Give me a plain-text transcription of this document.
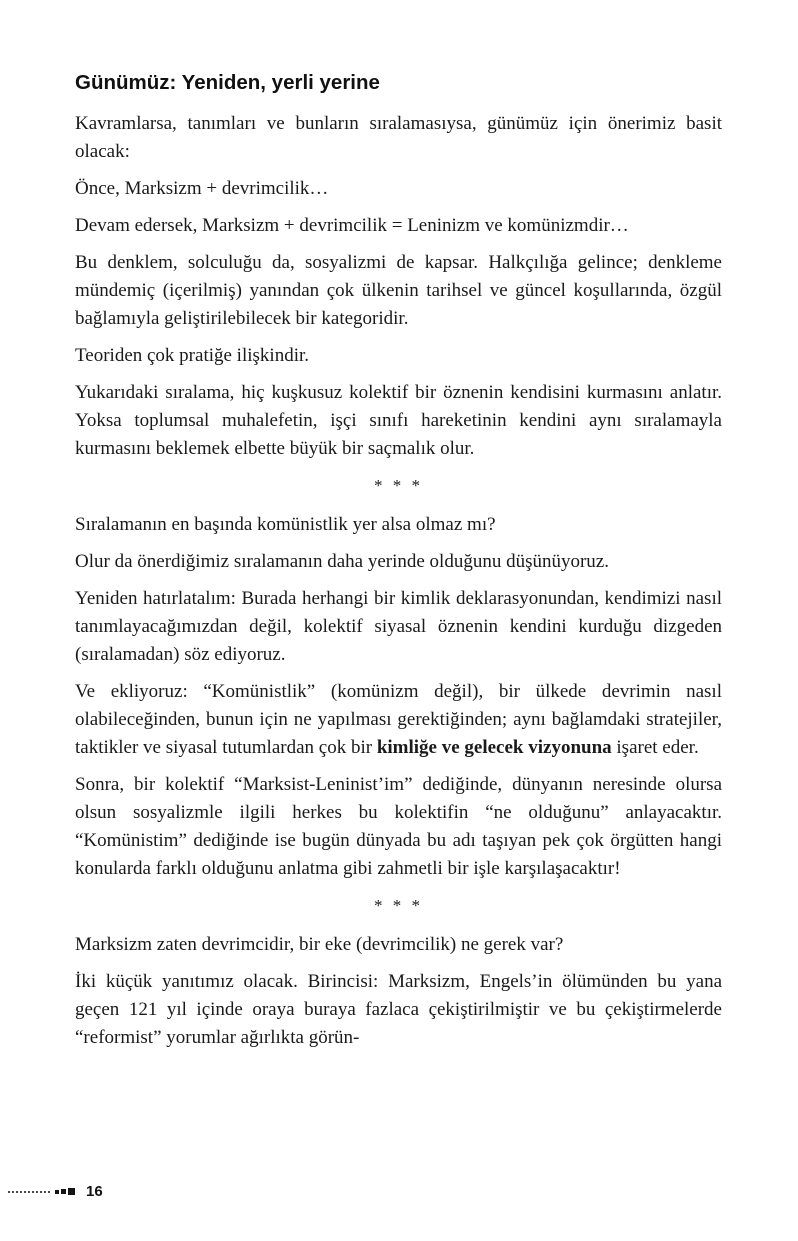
Günümüz: Yeniden, yerli yerine

Kavramlarsa, tanımları ve bunların sıralamasıysa, günümüz için önerimiz basit olacak:

Önce, Marksizm + devrimcilik…

Devam edersek, Marksizm + devrimcilik = Leninizm ve komünizmdir…

Bu denklem, solculuğu da, sosyalizmi de kapsar. Halkçılığa gelince; denkleme mündemiç (içerilmiş) yanından çok ülkenin tarihsel ve güncel koşullarında, özgül bağlamıyla geliştirilebilecek bir kategoridir.

Teoriden çok pratiğe ilişkindir.

Yukarıdaki sıralama, hiç kuşkusuz kolektif bir öznenin kendisini kurmasını anlatır. Yoksa toplumsal muhalefetin, işçi sınıfı hareketinin kendini aynı sıralamayla kurmasını beklemek elbette büyük bir saçmalık olur.

* * *

Sıralamanın en başında komünistlik yer alsa olmaz mı?

Olur da önerdiğimiz sıralamanın daha yerinde olduğunu düşünüyoruz.

Yeniden hatırlatalım: Burada herhangi bir kimlik deklarasyonundan, kendimizi nasıl tanımlayacağımızdan değil, kolektif siyasal öznenin kendini kurduğu dizgeden (sıralamadan) söz ediyoruz.

Ve ekliyoruz: “Komünistlik” (komünizm değil), bir ülkede devrimin nasıl olabileceğinden, bunun için ne yapılması gerektiğinden; aynı bağlamdaki stratejiler, taktikler ve siyasal tutumlardan çok bir kimliğe ve gelecek vizyonuna işaret eder.

Sonra, bir kolektif “Marksist-Leninist’im” dediğinde, dünyanın neresinde olursa olsun sosyalizmle ilgili herkes bu kolektifin “ne olduğunu” anlayacaktır. “Komünistim” dediğinde ise bugün dünyada bu adı taşıyan pek çok örgütten hangi konularda farklı olduğunu anlatma gibi zahmetli bir işle karşılaşacaktır!

* * *

Marksizm zaten devrimcidir, bir eke (devrimcilik) ne gerek var?

İki küçük yanıtımız olacak. Birincisi: Marksizm, Engels’in ölümünden bu yana geçen 121 yıl içinde oraya buraya fazlaca çekiştirilmiştir ve bu çekiştirmelerde “reformist” yorumlar ağırlıkta görün-

16
